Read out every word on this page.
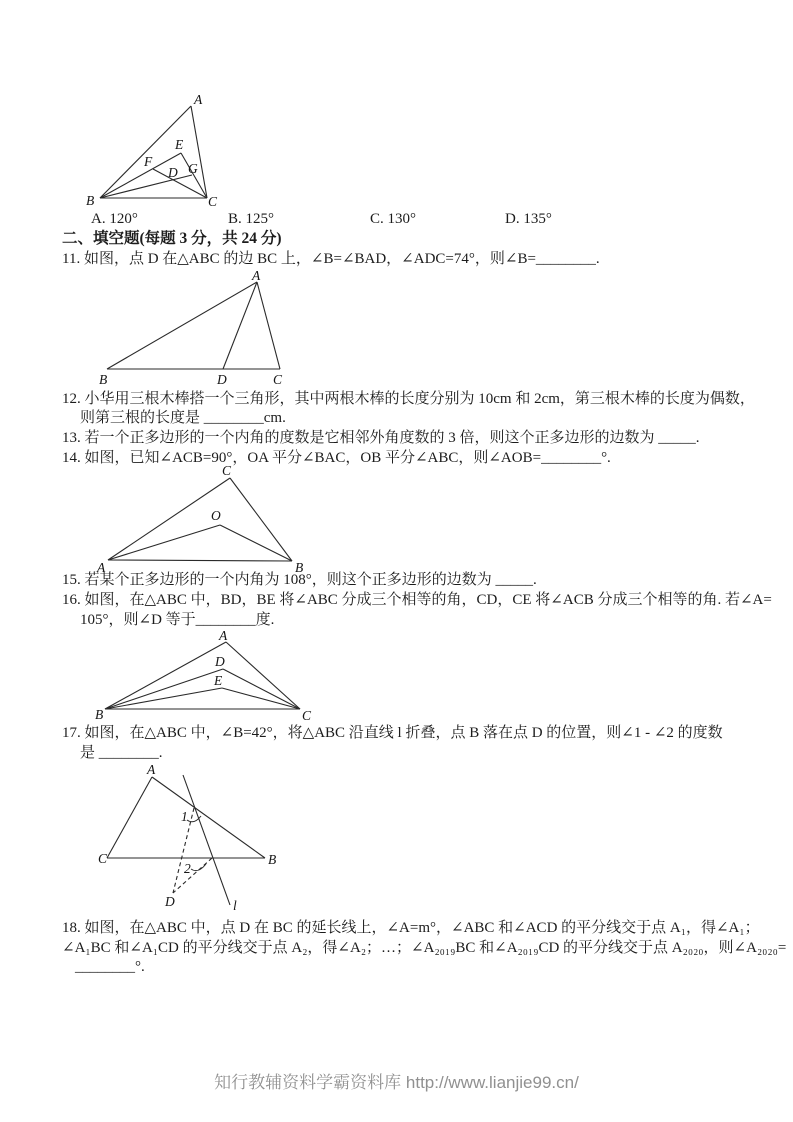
A
B	C
E
F
D G
A. 120°	B. 125°	C. 130°	D. 135°
二、填空题(每题 3 分，共 24 分)
11. 如图，点 D 在△ABC 的边 BC 上，∠B=∠BAD，∠ADC=74°，则∠B=________.
A
B	D	C
12. 小华用三根木棒搭一个三角形，其中两根木棒的长度分别为 10cm 和 2cm，第三根木棒的长度为偶数，
则第三根的长度是 ________cm.
13. 若一个正多边形的一个内角的度数是它相邻外角度数的 3 倍，则这个正多边形的边数为 _____.
14. 如图，已知∠ACB=90°，OA 平分∠BAC，OB 平分∠ABC，则∠AOB=________°.
C
O
A	B
15. 若某个正多边形的一个内角为 108°，则这个正多边形的边数为 _____.
16. 如图，在△ABC 中，BD，BE 将∠ABC 分成三个相等的角，CD，CE 将∠ACB 分成三个相等的角. 若∠A=
105°，则∠D 等于________度.
A
D
E
B	C
17. 如图，在△ABC 中，∠B=42°，将△ABC 沿直线 l 折叠，点 B 落在点 D 的位置，则∠1 - ∠2 的度数
是 ________.
A
C	B
D
1
2
l
18. 如图，在△ABC 中，点 D 在 BC 的延长线上，∠A=m°，∠ABC 和∠ACD 的平分线交于点 A₁，得∠A₁；
∠A₁BC 和∠A₁CD 的平分线交于点 A₂，得∠A₂；…；∠A₂₀₁₉BC 和∠A₂₀₁₉CD 的平分线交于点 A₂₀₂₀，则∠A₂₀₂₀=
________°.
知行教辅资料学霸资料库 http://www.lianjie99.cn/
